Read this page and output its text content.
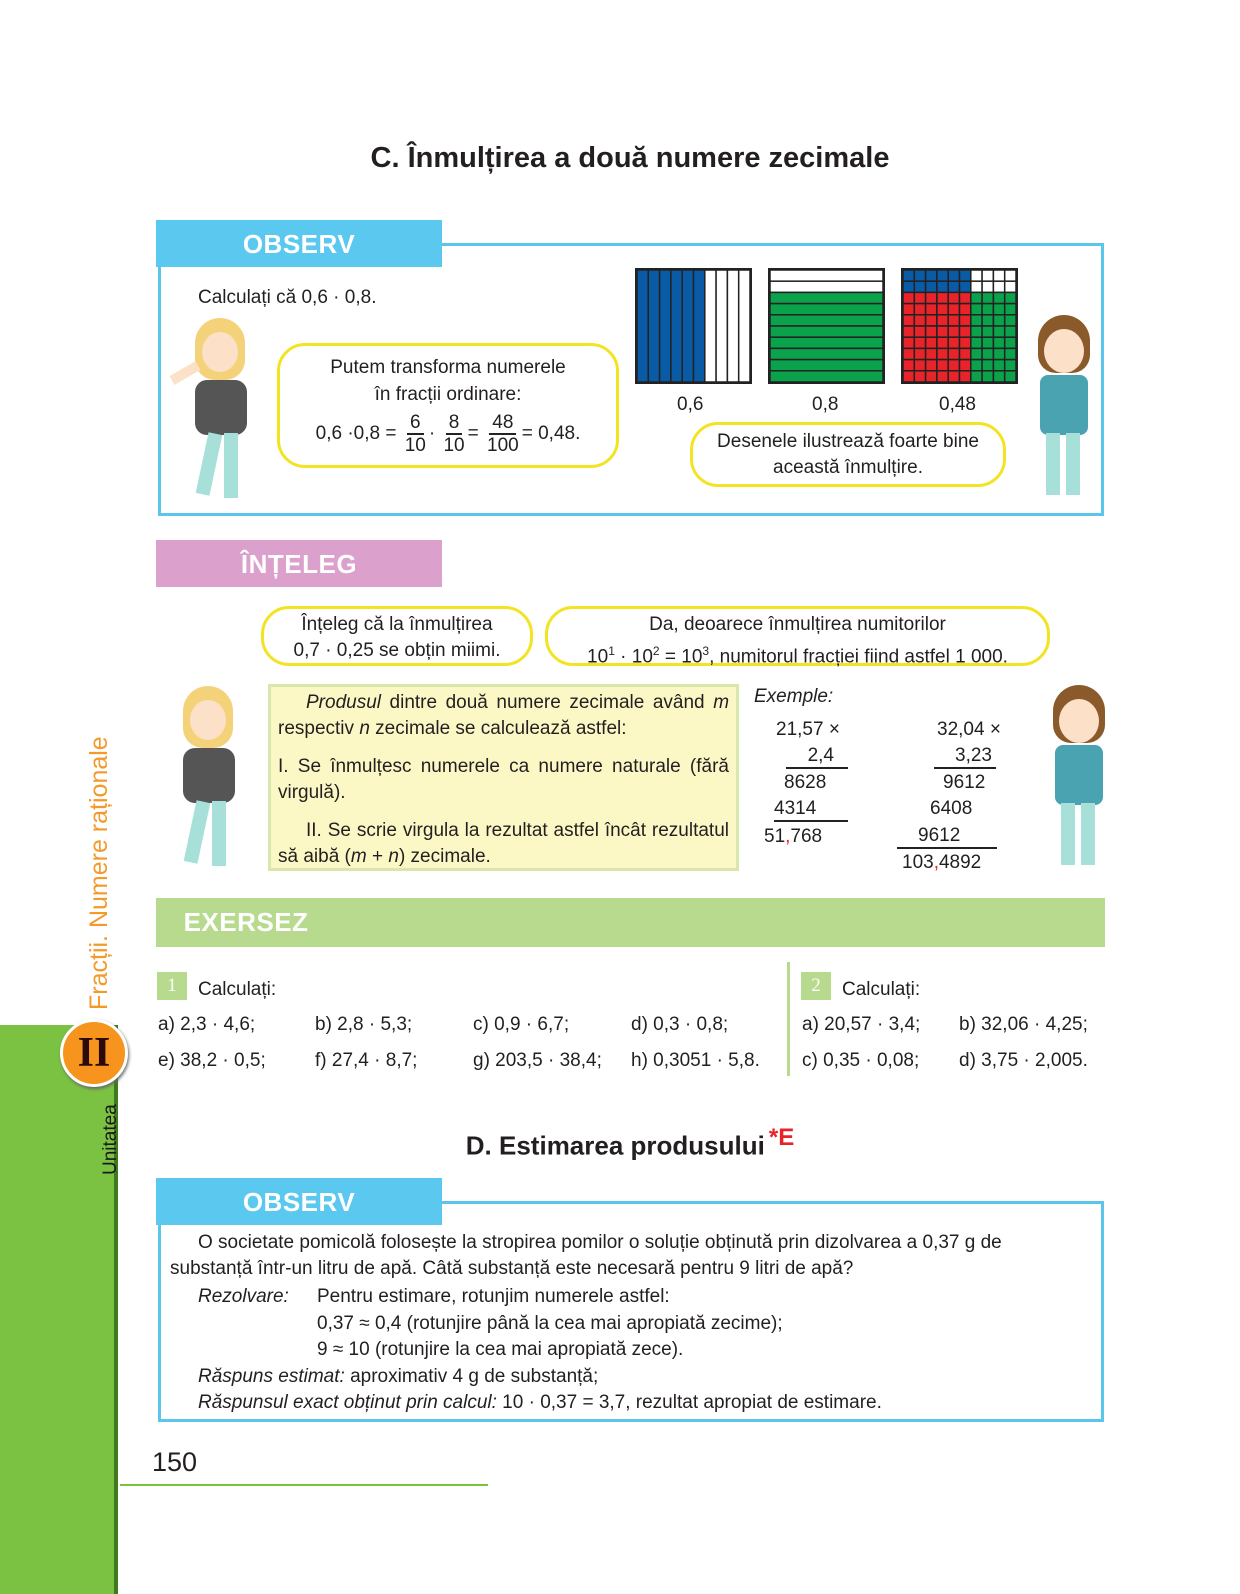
II
Unitatea
Fracții. Numere raționale
C. Înmulțirea a două numere zecimale
OBSERV
Calculați că 0,6 · 0,8.
Putem transforma numerele
în fracții ordinare:
$0,6 \cdot 0,8 = \frac{6}{10} \cdot \frac{8}{10} = \frac{48}{100} = 0,48$.
0,6	0,8	0,48
Desenele ilustrează foarte bine
această înmulțire.
ÎNȚELEG
Înțeleg că la înmulțirea
0,7 · 0,25 se obțin miimi.
Da, deoarece înmulțirea numitorilor
$10^1 \cdot 10^2 = 10^3$, numitorul fracției fiind astfel 1 000.
Produsul dintre două numere zecimale având m respectiv n zecimale se calculează astfel:
I. Se înmulțesc numerele ca numere naturale (fără virgulă).
II. Se scrie virgula la rezultat astfel încât rezultatul să aibă (m + n) zecimale.
Exemple:
21,57 ×
2,4
8628
4314
51,768
32,04 ×
3,23
9612
6408
9612
103,4892
EXERSEZ
1	Calculați:
a) 2,3 · 4,6;	b) 2,8 · 5,3;	c) 0,9 · 6,7;	d) 0,3 · 0,8;
e) 38,2 · 0,5;	f) 27,4 · 8,7;	g) 203,5 · 38,4; h) 0,3051 · 5,8.
2	Calculați:
a) 20,57 · 3,4; b) 32,06 · 4,25;
c) 0,35 · 0,08; d) 3,75 · 2,005.
D. Estimarea produsului $^{*E}$
OBSERV
O societate pomicolă folosește la stropirea pomilor o soluție obținută prin dizolvarea a 0,37 g de
substanță într-un litru de apă. Câtă substanță este necesară pentru 9 litri de apă?
Rezolvare: Pentru estimare, rotunjim numerele astfel:
0,37 ≈ 0,4 (rotunjire până la cea mai apropiată zecime);
9 ≈ 10 (rotunjire la cea mai apropiată zece).
Răspuns estimat: aproximativ 4 g de substanță;
Răspunsul exact obținut prin calcul: 10 · 0,37 = 3,7, rezultat apropiat de estimare.
150
